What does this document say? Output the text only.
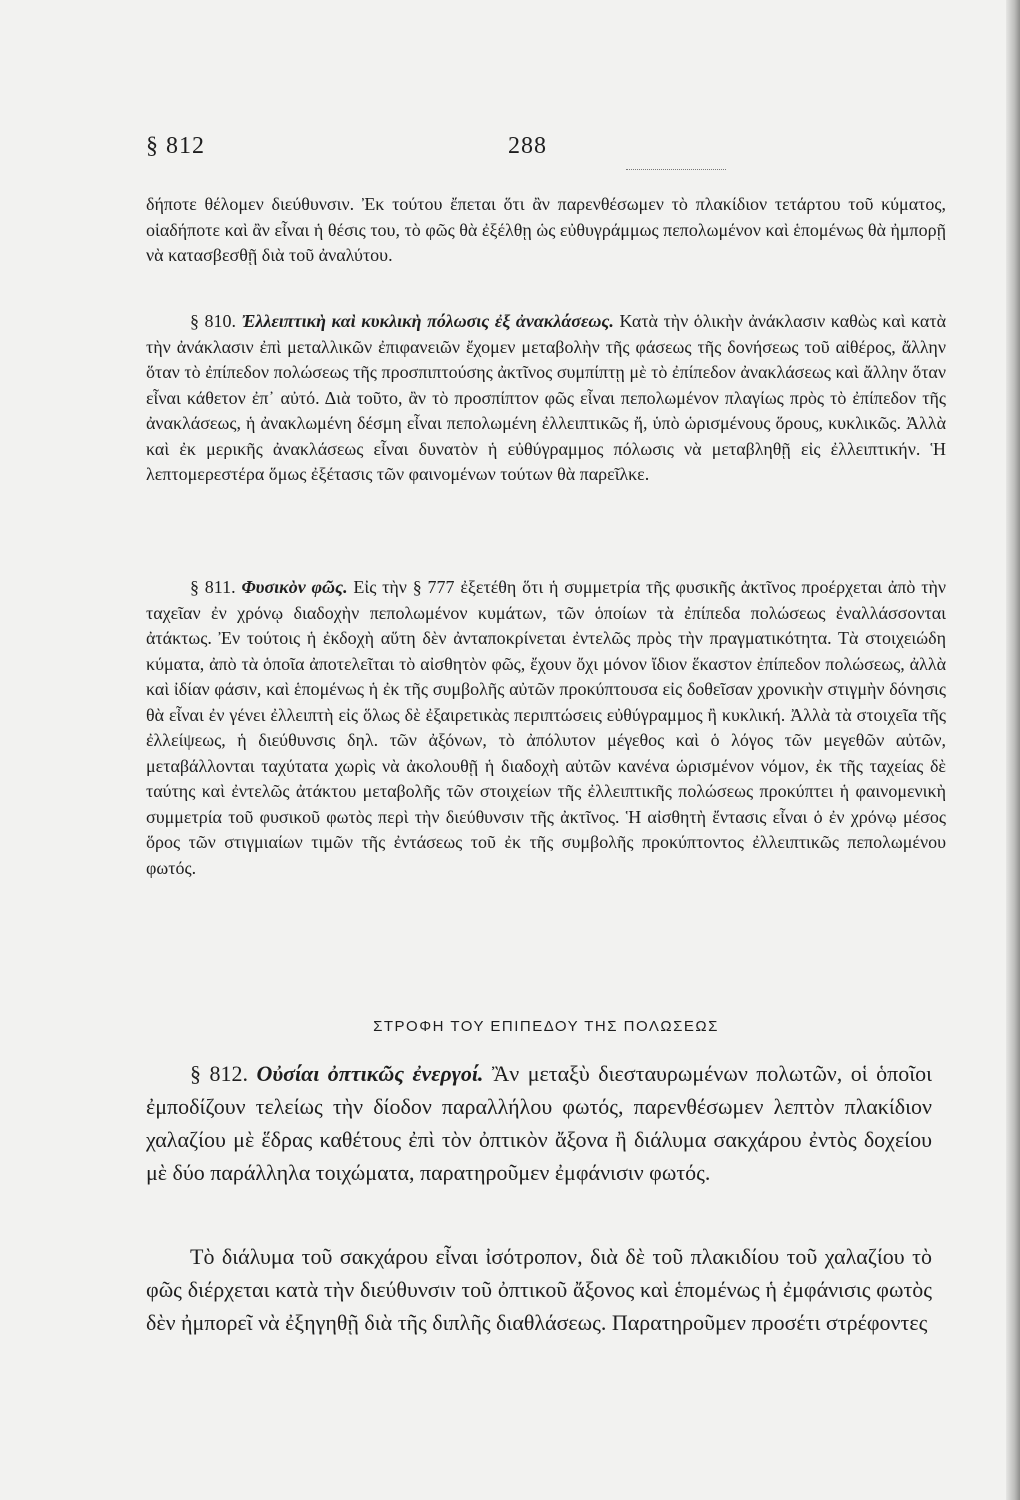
§ 812	288

δήποτε θέλομεν διεύθυνσιν. Ἐκ τούτου ἔπεται ὅτι ἂν παρενθέσωμεν τὸ πλακίδιον τετάρτου τοῦ κύματος, οἱαδήποτε καὶ ἂν εἶναι ἡ θέσις του, τὸ φῶς θὰ ἐξέλθῃ ὡς εὐθυγράμμως πεπολωμένον καὶ ἑπομένως θὰ ἠμπορῇ νὰ κατασβεσθῇ διὰ τοῦ ἀναλύτου.

§ 810. Ἐλλειπτικὴ καὶ κυκλικὴ πόλωσις ἐξ ἀνακλάσεως. Κατὰ τὴν ὁλικὴν ἀνάκλασιν καθὼς καὶ κατὰ τὴν ἀνάκλασιν ἐπὶ μεταλλικῶν ἐπιφανειῶν ἔχομεν μεταβολὴν τῆς φάσεως τῆς δονήσεως τοῦ αἰθέρος, ἄλλην ὅταν τὸ ἐπίπεδον πολώσεως τῆς προσπιπτούσης ἀκτῖνος συμπίπτῃ μὲ τὸ ἐπίπεδον ἀνακλάσεως καὶ ἄλλην ὅταν εἶναι κάθετον ἐπ᾽ αὐτό. Διὰ τοῦτο, ἂν τὸ προσπίπτον φῶς εἶναι πεπολωμένον πλαγίως πρὸς τὸ ἐπίπεδον τῆς ἀνακλάσεως, ἡ ἀνακλωμένη δέσμη εἶναι πεπολωμένη ἐλλειπτικῶς ἤ, ὑπὸ ὡρισμένους ὅρους, κυκλικῶς. Ἀλλὰ καὶ ἐκ μερικῆς ἀνακλάσεως εἶναι δυνατὸν ἡ εὐθύγραμμος πόλωσις νὰ μεταβληθῇ εἰς ἐλλειπτικήν. Ἡ λεπτομερεστέρα ὅμως ἐξέτασις τῶν φαινομένων τούτων θὰ παρεῖλκε.

§ 811. Φυσικὸν φῶς. Εἰς τὴν § 777 ἐξετέθη ὅτι ἡ συμμετρία τῆς φυσικῆς ἀκτῖνος προέρχεται ἀπὸ τὴν ταχεῖαν ἐν χρόνῳ διαδοχὴν πεπολωμένον κυμάτων, τῶν ὁποίων τὰ ἐπίπεδα πολώσεως ἐναλλάσσονται ἀτάκτως. Ἐν τούτοις ἡ ἐκδοχὴ αὕτη δὲν ἀνταποκρίνεται ἐντελῶς πρὸς τὴν πραγματικότητα. Τὰ στοιχειώδη κύματα, ἀπὸ τὰ ὁποῖα ἀποτελεῖται τὸ αἰσθητὸν φῶς, ἔχουν ὄχι μόνον ἴδιον ἕκαστον ἐπίπεδον πολώσεως, ἀλλὰ καὶ ἰδίαν φάσιν, καὶ ἑπομένως ἡ ἐκ τῆς συμβολῆς αὐτῶν προκύπτουσα εἰς δοθεῖσαν χρονικὴν στιγμὴν δόνησις θὰ εἶναι ἐν γένει ἐλλειπτὴ εἰς ὅλως δὲ ἐξαιρετικὰς περιπτώσεις εὐθύγραμμος ἢ κυκλική. Ἀλλὰ τὰ στοιχεῖα τῆς ἐλλείψεως, ἡ διεύθυνσις δηλ. τῶν ἀξόνων, τὸ ἀπόλυτον μέγεθος καὶ ὁ λόγος τῶν μεγεθῶν αὐτῶν, μεταβάλλονται ταχύτατα χωρὶς νὰ ἀκολουθῇ ἡ διαδοχὴ αὐτῶν κανένα ὡρισμένον νόμον, ἐκ τῆς ταχείας δὲ ταύτης καὶ ἐντελῶς ἀτάκτου μεταβολῆς τῶν στοιχείων τῆς ἐλλειπτικῆς πολώσεως προκύπτει ἡ φαινομενικὴ συμμετρία τοῦ φυσικοῦ φωτὸς περὶ τὴν διεύθυνσιν τῆς ἀκτῖνος. Ἡ αἰσθητὴ ἔντασις εἶναι ὁ ἐν χρόνῳ μέσος ὅρος τῶν στιγμιαίων τιμῶν τῆς ἐντάσεως τοῦ ἐκ τῆς συμβολῆς προκύπτοντος ἐλλειπτικῶς πεπολωμένου φωτός.

ΣΤΡΟΦΗ ΤΟΥ ΕΠΙΠΕΔΟΥ ΤΗΣ ΠΟΛΩΣΕΩΣ

§ 812. Οὐσίαι ὀπτικῶς ἐνεργοί. Ἂν μεταξὺ διεσταυρωμένων πολωτῶν, οἱ ὁποῖοι ἐμποδίζουν τελείως τὴν δίοδον παραλλήλου φωτός, παρενθέσωμεν λεπτὸν πλακίδιον χαλαζίου μὲ ἕδρας καθέτους ἐπὶ τὸν ὀπτικὸν ἄξονα ἢ διάλυμα σακχάρου ἐντὸς δοχείου μὲ δύο παράλληλα τοιχώματα, παρατηροῦμεν ἐμφάνισιν φωτός.

Τὸ διάλυμα τοῦ σακχάρου εἶναι ἰσότροπον, διὰ δὲ τοῦ πλακιδίου τοῦ χαλαζίου τὸ φῶς διέρχεται κατὰ τὴν διεύθυνσιν τοῦ ὀπτικοῦ ἄξονος καὶ ἑπομένως ἡ ἐμφάνισις φωτὸς δὲν ἠμπορεῖ νὰ ἐξηγηθῇ διὰ τῆς διπλῆς διαθλάσεως. Παρατηροῦμεν προσέτι στρέφοντες
